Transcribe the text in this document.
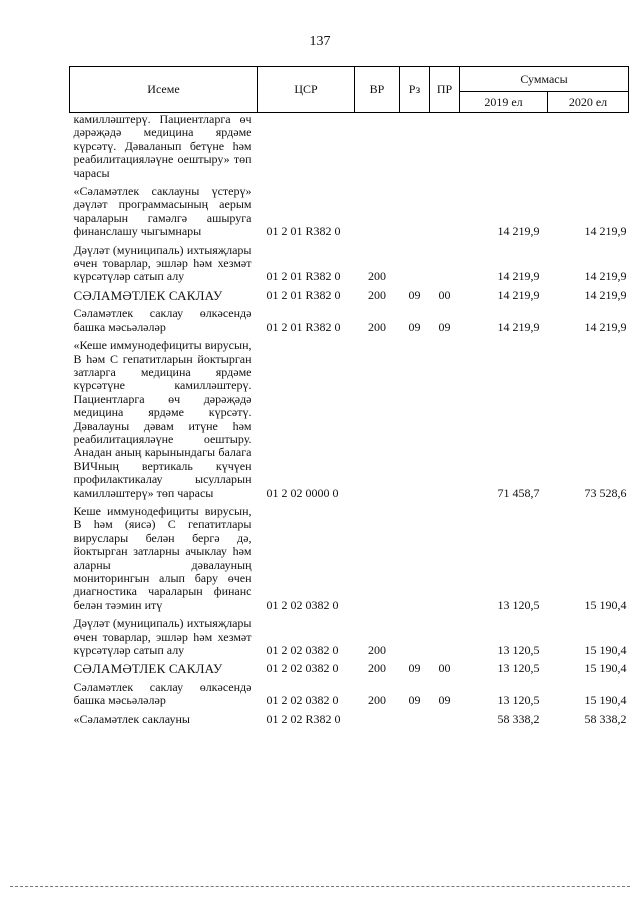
137
Исеме	ЦСР	ВР	Рз	ПР	Суммасы	
					2019 ел	2020 ел
камилләштерү. Пациентларга өч дәрәҗәдә медицина ярдәме күрсәтү. Дәваланып бетүне һәм реабилитацияләүне оештыру» төп чарасы						

«Сәламәтлек саклауны үстерү» дәүләт программасының аерым чараларын гамәлгә ашыруга финанслашу чыгымнары	01 2 01 R382 0				14 219,9	14 219,9

Дәүләт (муниципаль) ихтыяҗлары өчен товарлар, эшләр һәм хезмәт күрсәтүләр сатып алу	01 2 01 R382 0	200			14 219,9	14 219,9

СӘЛАМӘТЛЕК САКЛАУ	01 2 01 R382 0	200	09	00	14 219,9	14 219,9

Сәламәтлек саклау өлкәсендә башка мәсьәләләр	01 2 01 R382 0	200	09	09	14 219,9	14 219,9

«Кеше иммунодефициты вирусын, В һәм С гепатитларын йоктырган затларга медицина ярдәме күрсәтүне камилләштерү. Пациентларга өч дәрәҗәдә медицина ярдәме күрсәтү. Дәвалауны дәвам итүне һәм реабилитацияләүне оештыру. Анадан аның карынындагы балага ВИЧның вертикаль күчүен профилактикалау ысулларын камилләштерү» төп чарасы	01 2 02 0000 0				71 458,7	73 528,6

Кеше иммунодефициты вирусын, В һәм (яисә) С гепатитлары вируслары белән бергә дә, йоктырган затларны ачыклау һәм аларны дәвалауның мониторингын алып бару өчен диагностика чараларын финанс белән тәэмин итү	01 2 02 0382 0				13 120,5	15 190,4

Дәүләт (муниципаль) ихтыяҗлары өчен товарлар, эшләр һәм хезмәт күрсәтүләр сатып алу	01 2 02 0382 0	200			13 120,5	15 190,4

СӘЛАМӘТЛЕК САКЛАУ	01 2 02 0382 0	200	09	00	13 120,5	15 190,4

Сәламәтлек саклау өлкәсендә башка мәсьәләләр	01 2 02 0382 0	200	09	09	13 120,5	15 190,4

«Сәламәтлек саклауны	01 2 02 R382 0				58 338,2	58 338,2
